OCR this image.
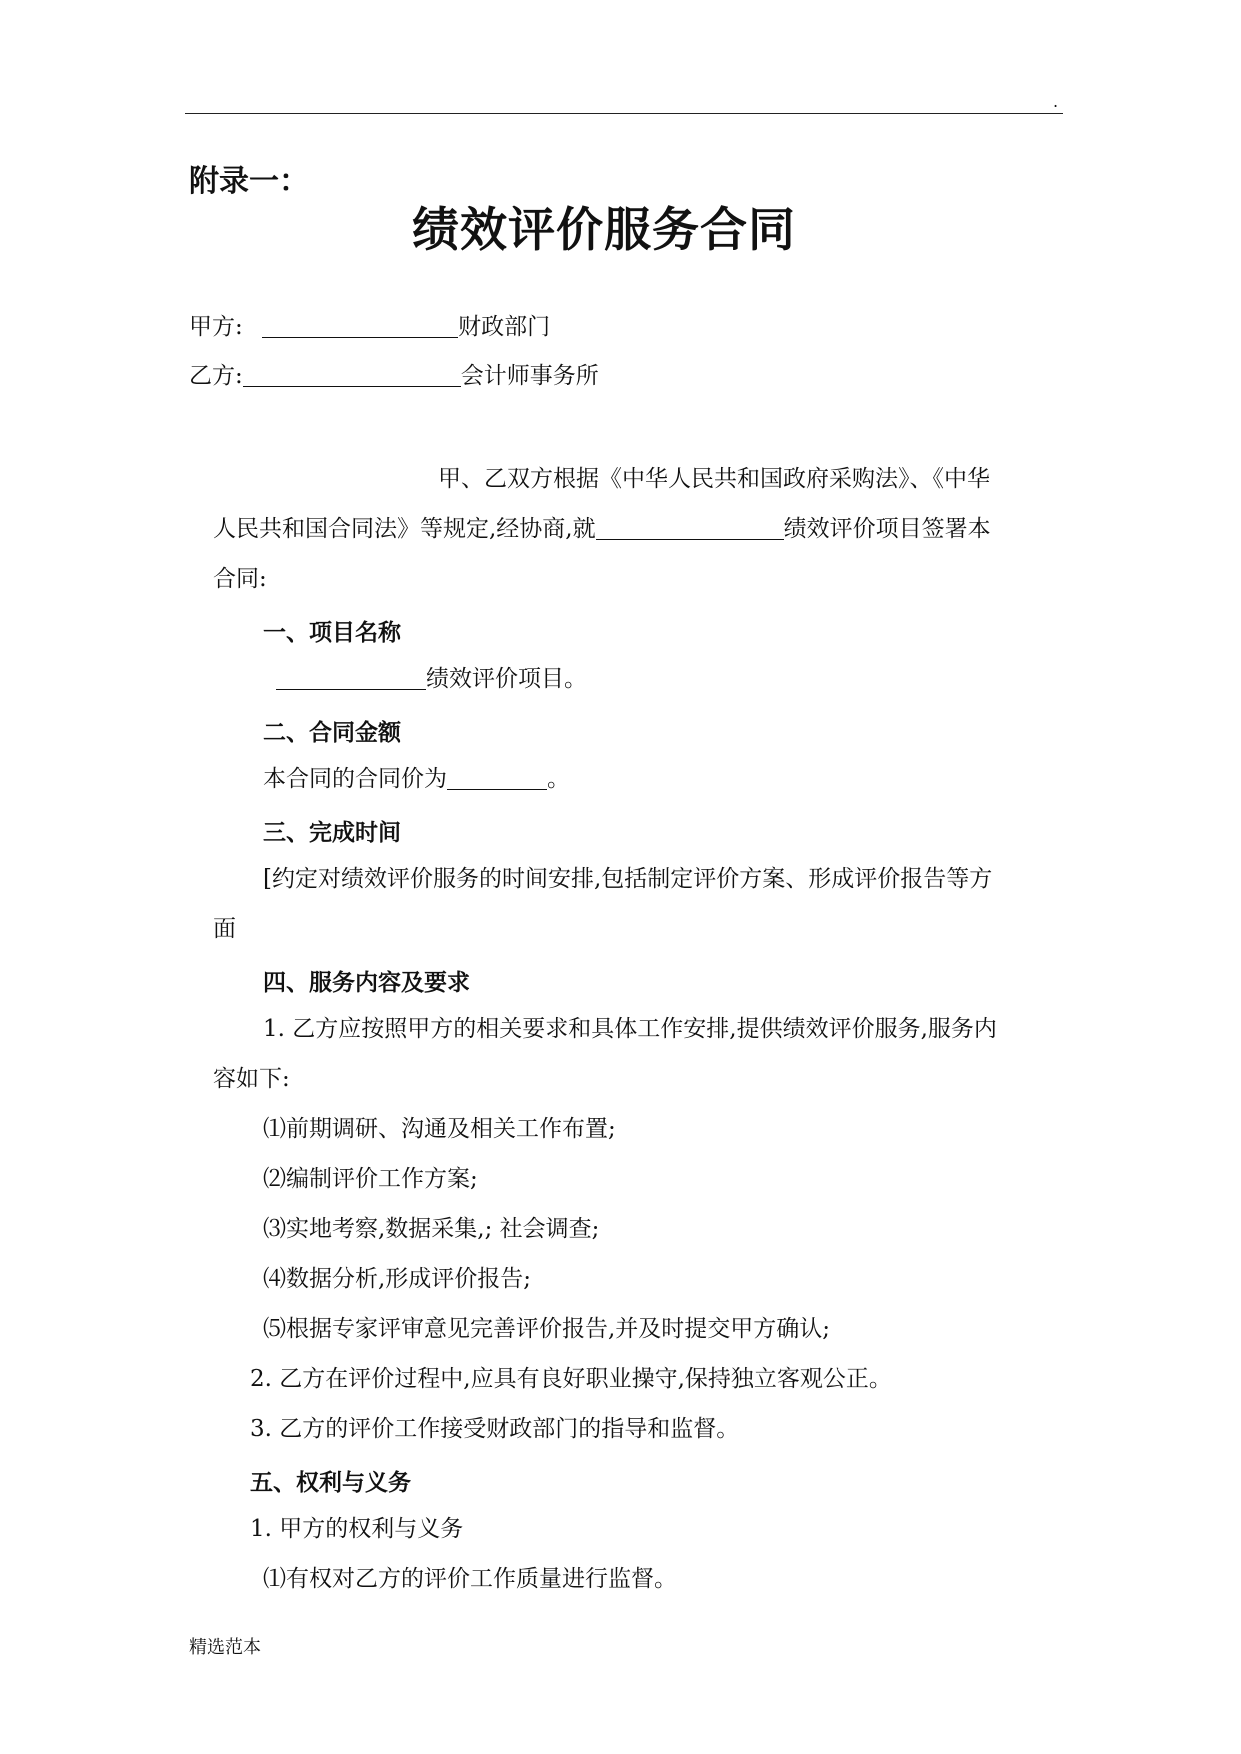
.
附录一：
绩效评价服务合同
甲方:	财政部门
乙方:	会计师事务所
甲、乙双方根据《中华人民共和国政府采购法》、《中华
人民共和国合同法》等规定,经协商,就	绩效评价项目签署本
合同:
一、项目名称
绩效评价项目。
二、合同金额
本合同的合同价为	。
三、完成时间
[约定对绩效评价服务的时间安排,包括制定评价方案、形成评价报告等方
面
四、服务内容及要求
1. 乙方应按照甲方的相关要求和具体工作安排,提供绩效评价服务,服务内
容如下:
⑴前期调研、沟通及相关工作布置;
⑵编制评价工作方案;
⑶实地考察,数据采集,; 社会调查;
⑷数据分析,形成评价报告;
⑸根据专家评审意见完善评价报告,并及时提交甲方确认;
2. 乙方在评价过程中,应具有良好职业操守,保持独立客观公正。
3. 乙方的评价工作接受财政部门的指导和监督。
五、权利与义务
1. 甲方的权利与义务
⑴有权对乙方的评价工作质量进行监督。
精选范本
